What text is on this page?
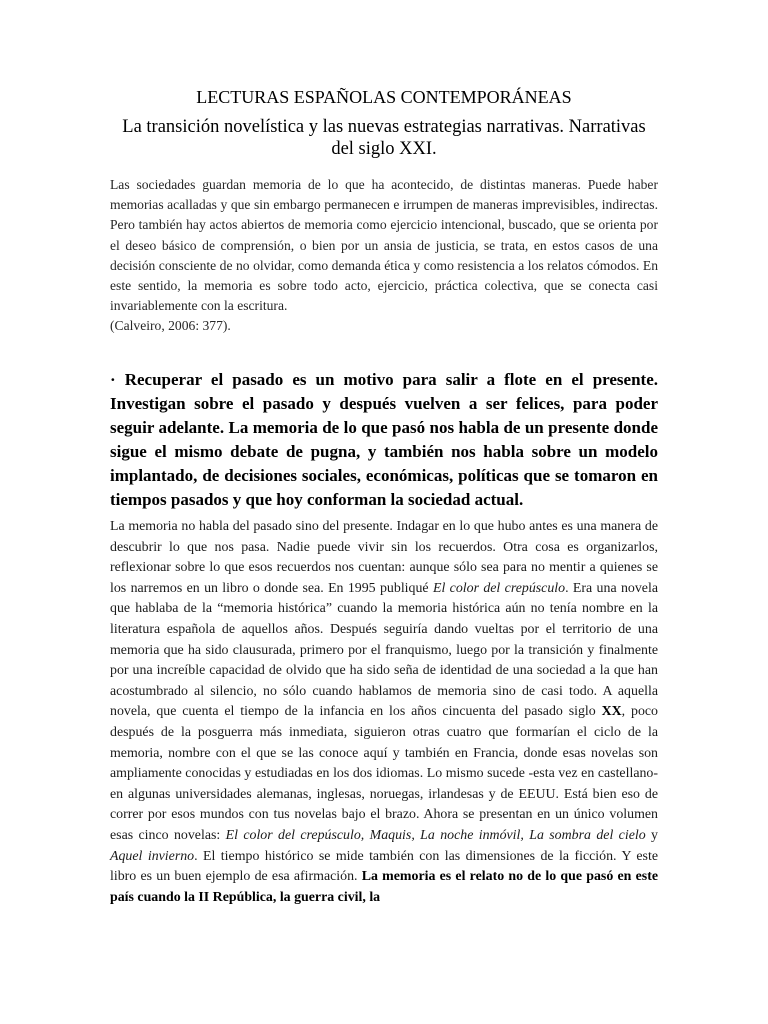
LECTURAS ESPAÑOLAS CONTEMPORÁNEAS
La transición novelística y las nuevas estrategias narrativas. Narrativas del siglo XXI.

Las sociedades guardan memoria de lo que ha acontecido, de distintas maneras. Puede haber memorias acalladas y que sin embargo permanecen e irrumpen de maneras imprevisibles, indirectas. Pero también hay actos abiertos de memoria como ejercicio intencional, buscado, que se orienta por el deseo básico de comprensión, o bien por un ansia de justicia, se trata, en estos casos de una decisión consciente de no olvidar, como demanda ética y como resistencia a los relatos cómodos. En este sentido, la memoria es sobre todo acto, ejercicio, práctica colectiva, que se conecta casi invariablemente con la escritura.
(Calveiro, 2006: 377).

· Recuperar el pasado es un motivo para salir a flote en el presente. Investigan sobre el pasado y después vuelven a ser felices, para poder seguir adelante. La memoria de lo que pasó nos habla de un presente donde sigue el mismo debate de pugna, y también nos habla sobre un modelo implantado, de decisiones sociales, económicas, políticas que se tomaron en tiempos pasados y que hoy conforman la sociedad actual.

La memoria no habla del pasado sino del presente. Indagar en lo que hubo antes es una manera de descubrir lo que nos pasa. Nadie puede vivir sin los recuerdos. Otra cosa es organizarlos, reflexionar sobre lo que esos recuerdos nos cuentan: aunque sólo sea para no mentir a quienes se los narremos en un libro o donde sea. En 1995 publiqué El color del crepúsculo. Era una novela que hablaba de la “memoria histórica” cuando la memoria histórica aún no tenía nombre en la literatura española de aquellos años. Después seguiría dando vueltas por el territorio de una memoria que ha sido clausurada, primero por el franquismo, luego por la transición y finalmente por una increíble capacidad de olvido que ha sido seña de identidad de una sociedad a la que han acostumbrado al silencio, no sólo cuando hablamos de memoria sino de casi todo. A aquella novela, que cuenta el tiempo de la infancia en los años cincuenta del pasado siglo XX, poco después de la posguerra más inmediata, siguieron otras cuatro que formarían el ciclo de la memoria, nombre con el que se las conoce aquí y también en Francia, donde esas novelas son ampliamente conocidas y estudiadas en los dos idiomas. Lo mismo sucede -esta vez en castellano- en algunas universidades alemanas, inglesas, noruegas, irlandesas y de EEUU. Está bien eso de correr por esos mundos con tus novelas bajo el brazo. Ahora se presentan en un único volumen esas cinco novelas: El color del crepúsculo, Maquis, La noche inmóvil, La sombra del cielo y Aquel invierno. El tiempo histórico se mide también con las dimensiones de la ficción. Y este libro es un buen ejemplo de esa afirmación. La memoria es el relato no de lo que pasó en este país cuando la II República, la guerra civil, la
